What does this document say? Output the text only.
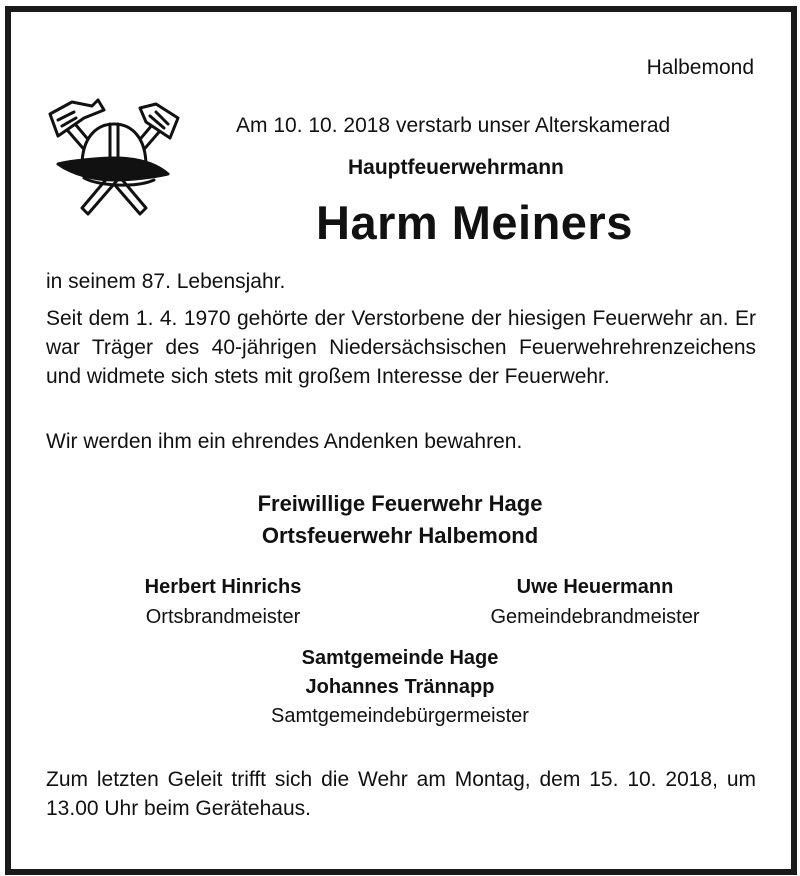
Halbemond
Am 10. 10. 2018 verstarb unser Alterskamerad
Hauptfeuerwehrmann
Harm Meiners
in seinem 87. Lebensjahr.
Seit dem 1. 4. 1970 gehörte der Verstorbene der hiesigen Feuerwehr an. Er war Träger des 40-jährigen Niedersächsischen Feuerwehrehrenzeichens und widmete sich stets mit großem Interesse der Feuerwehr.
Wir werden ihm ein ehrendes Andenken bewahren.
Freiwillige Feuerwehr Hage
Ortsfeuerwehr Halbemond
Herbert Hinrichs
Ortsbrandmeister
Uwe Heuermann
Gemeindebrandmeister
Samtgemeinde Hage
Johannes Trännapp
Samtgemeindebürgermeister
Zum letzten Geleit trifft sich die Wehr am Montag, dem 15. 10. 2018, um 13.00 Uhr beim Gerätehaus.
